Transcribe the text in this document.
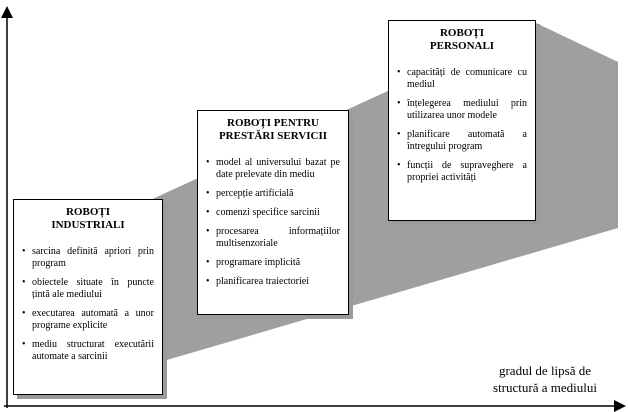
ROBOȚI
INDUSTRIALI
• sarcina definită apriori prin program
• obiectele situate în puncte țintă ale mediului
• executarea automată a unor programe explicite
• mediu structurat executării automate a sarcinii
ROBOȚI PENTRU
PRESTĂRI SERVICII
• model al universului bazat pe date prelevate din mediu
• percepție artificială
• comenzi specifice sarcinii
• procesarea informațiilor multisenzoriale
• programare implicită
• planificarea traiectoriei
ROBOȚI
PERSONALI
• capacități de comunicare cu mediul
• înțelegerea mediului prin utilizarea unor modele
• planificare automată a întregului program
• funcții de supraveghere a propriei activități
gradul de lipsă de
structură a mediului
